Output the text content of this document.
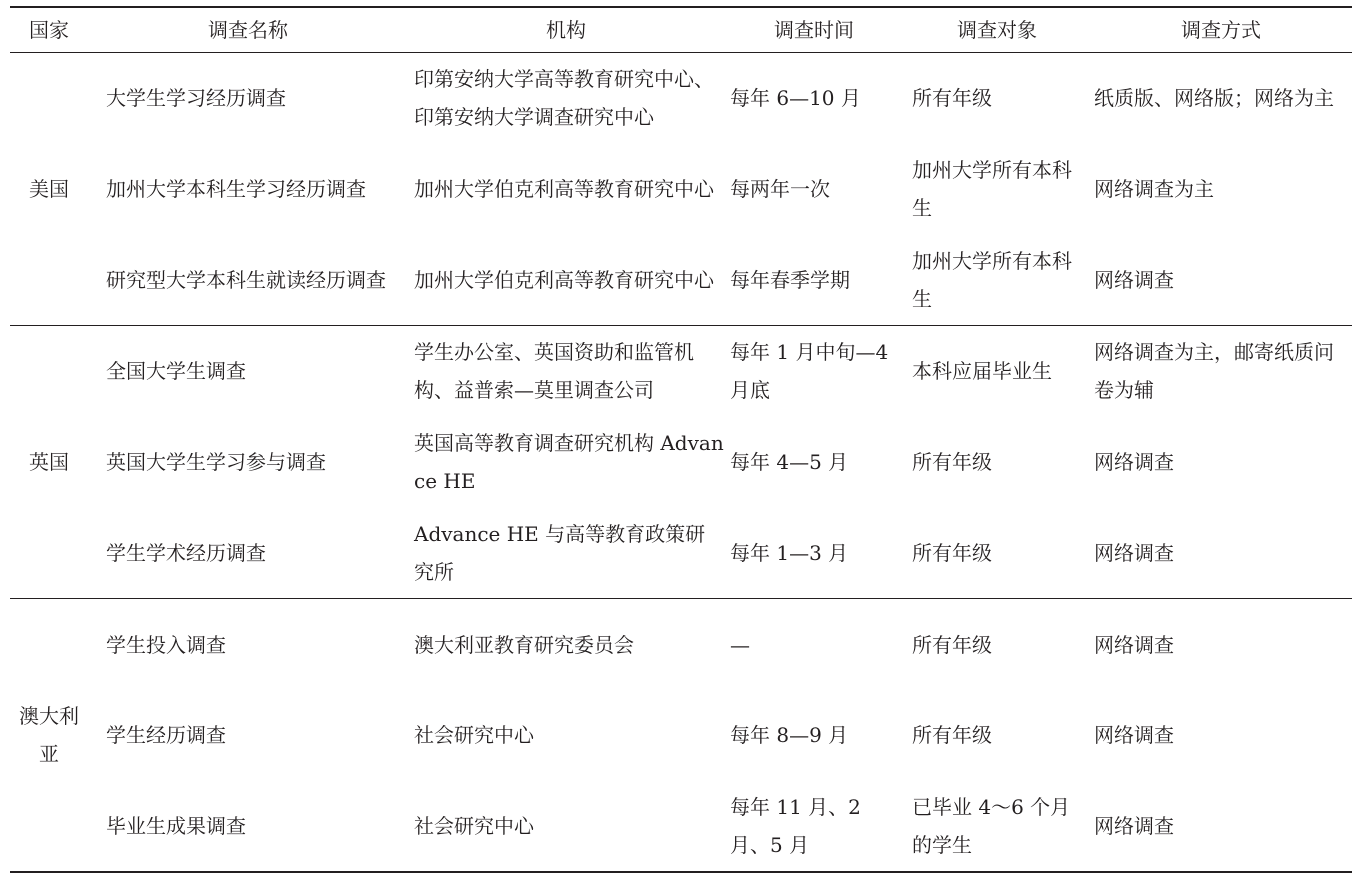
国家	调查名称	机构	调查时间	调查对象	调查方式
美国	大学生学习经历调查	印第安纳大学高等教育研究中心、印第安纳大学调查研究中心	每年 6—10 月	所有年级	纸质版、网络版；网络为主
	加州大学本科生学习经历调查	加州大学伯克利高等教育研究中心	每两年一次	加州大学所有本科生	网络调查为主
	研究型大学本科生就读经历调查	加州大学伯克利高等教育研究中心	每年春季学期	加州大学所有本科生	网络调查
英国	全国大学生调查	学生办公室、英国资助和监管机构、益普索—莫里调查公司	每年 1 月中旬—4 月底	本科应届毕业生	网络调查为主，邮寄纸质问卷为辅
	英国大学生学习参与调查	英国高等教育调查研究机构 Advance HE	每年 4—5 月	所有年级	网络调查
	学生学术经历调查	Advance HE 与高等教育政策研究所	每年 1—3 月	所有年级	网络调查
澳大利亚	学生投入调查	澳大利亚教育研究委员会	—	所有年级	网络调查
	学生经历调查	社会研究中心	每年 8—9 月	所有年级	网络调查
	毕业生成果调查	社会研究中心	每年 11 月、2 月、5 月	已毕业 4～6 个月的学生	网络调查
